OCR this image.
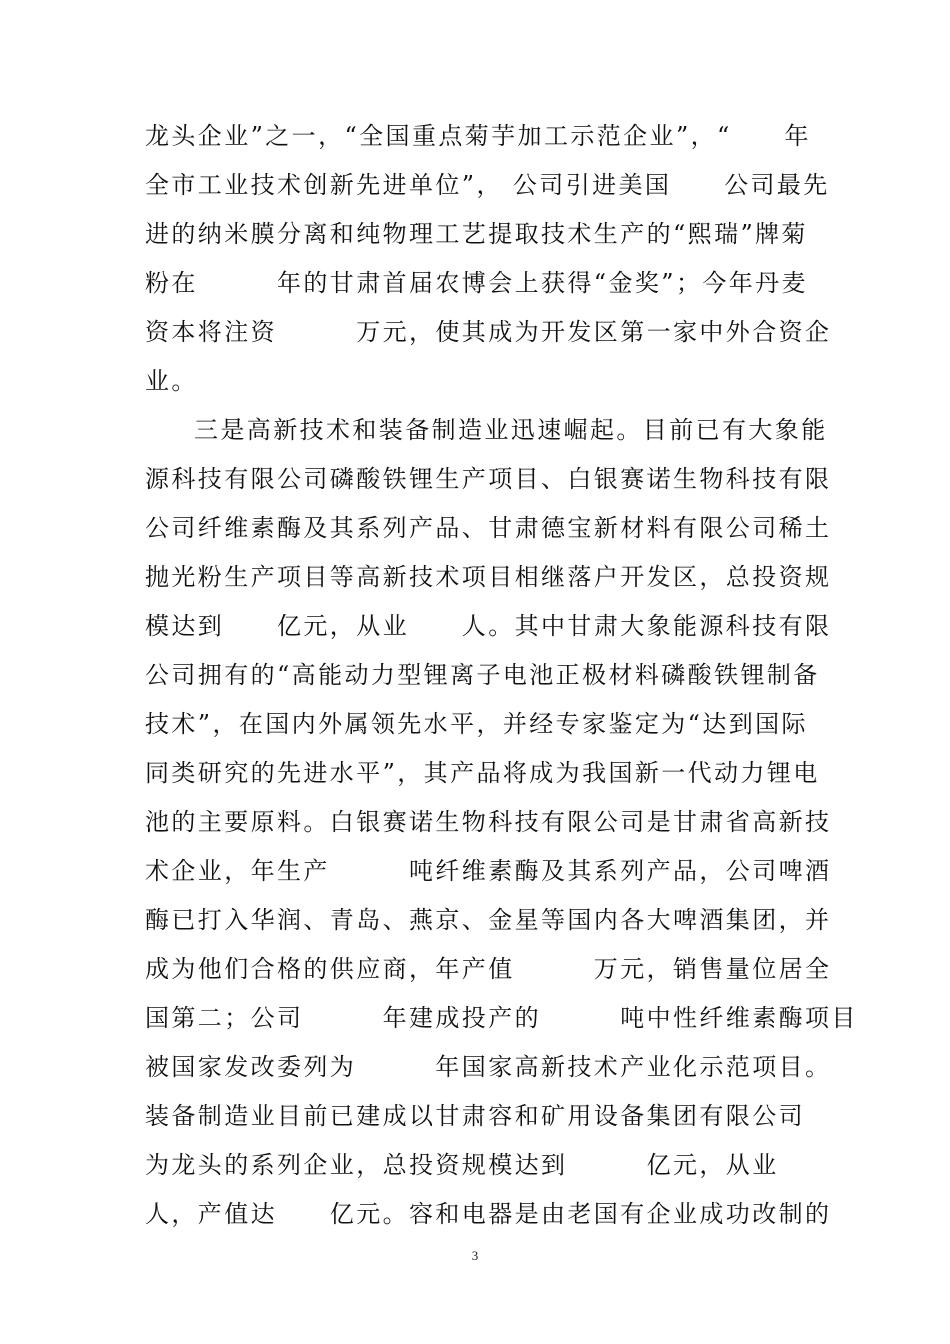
龙头企业”之一，“全国重点菊芋加工示范企业”，“　　年
全市工业技术创新先进单位”， 公司引进美国　　公司最先
进的纳米膜分离和纯物理工艺提取技术生产的“熙瑞”牌菊
粉在　　　年的甘肃首届农博会上获得“金奖”；今年丹麦
资本将注资　　　万元，使其成为开发区第一家中外合资企
业。
三是高新技术和装备制造业迅速崛起。目前已有大象能
源科技有限公司磷酸铁锂生产项目、白银赛诺生物科技有限
公司纤维素酶及其系列产品、甘肃德宝新材料有限公司稀土
抛光粉生产项目等高新技术项目相继落户开发区，总投资规
模达到　　亿元，从业　　人。其中甘肃大象能源科技有限
公司拥有的“高能动力型锂离子电池正极材料磷酸铁锂制备
技术”，在国内外属领先水平，并经专家鉴定为“达到国际
同类研究的先进水平”，其产品将成为我国新一代动力锂电
池的主要原料。白银赛诺生物科技有限公司是甘肃省高新技
术企业，年生产　　　吨纤维素酶及其系列产品，公司啤酒
酶已打入华润、青岛、燕京、金星等国内各大啤酒集团，并
成为他们合格的供应商，年产值　　　万元，销售量位居全
国第二；公司　　　年建成投产的　　　吨中性纤维素酶项目
被国家发改委列为　　　年国家高新技术产业化示范项目。
装备制造业目前已建成以甘肃容和矿用设备集团有限公司
为龙头的系列企业，总投资规模达到　　　亿元，从业
人，产值达　　亿元。容和电器是由老国有企业成功改制的
3
